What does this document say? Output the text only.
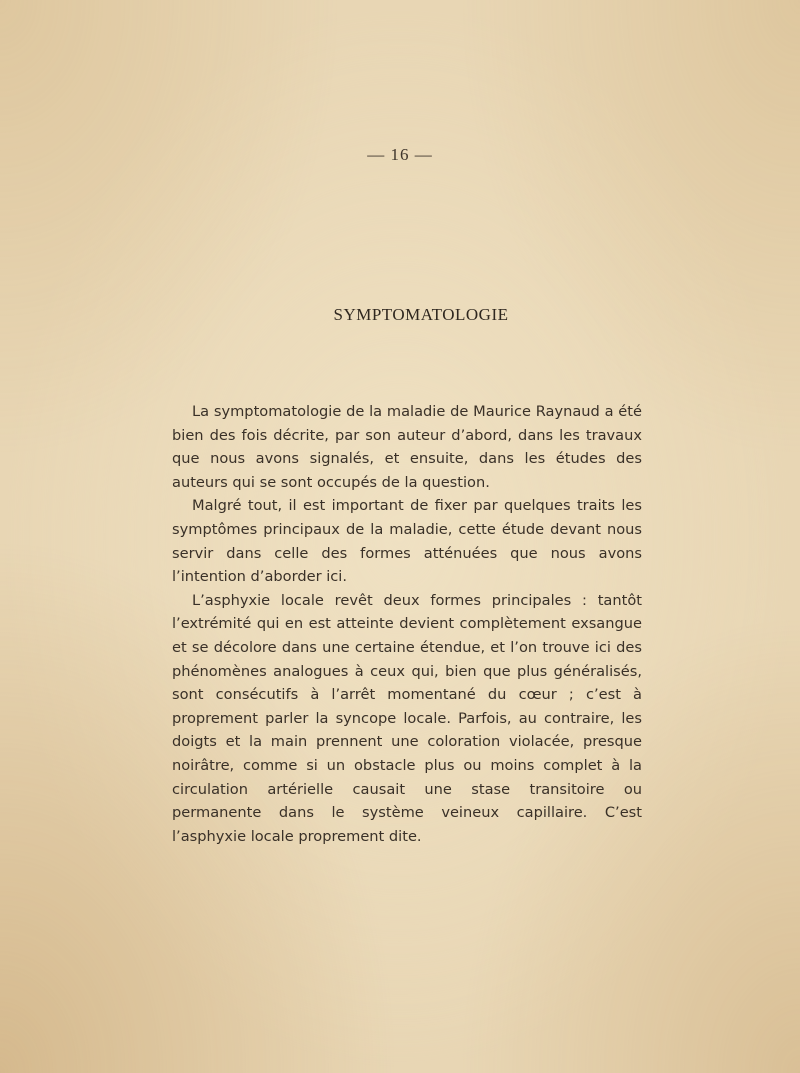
— 16 —
SYMPTOMATOLOGIE

La symptomatologie de la maladie de Maurice Raynaud a été bien des fois décrite, par son auteur d’abord, dans les travaux que nous avons signalés, et ensuite, dans les études des auteurs qui se sont occupés de la question.

Malgré tout, il est important de fixer par quelques traits les symptômes principaux de la maladie, cette étude devant nous servir dans celle des formes atténuées que nous avons l’intention d’aborder ici.

L’asphyxie locale revêt deux formes principales : tantôt l’extrémité qui en est atteinte devient complètement exsangue et se décolore dans une certaine étendue, et l’on trouve ici des phénomènes analogues à ceux qui, bien que plus généralisés, sont consécutifs à l’arrêt momentané du cœur ; c’est à proprement parler la syncope locale. Parfois, au contraire, les doigts et la main prennent une coloration violacée, presque noirâtre, comme si un obstacle plus ou moins complet à la circulation artérielle causait une stase transitoire ou permanente dans le système veineux capillaire. C’est l’asphyxie locale proprement dite.
